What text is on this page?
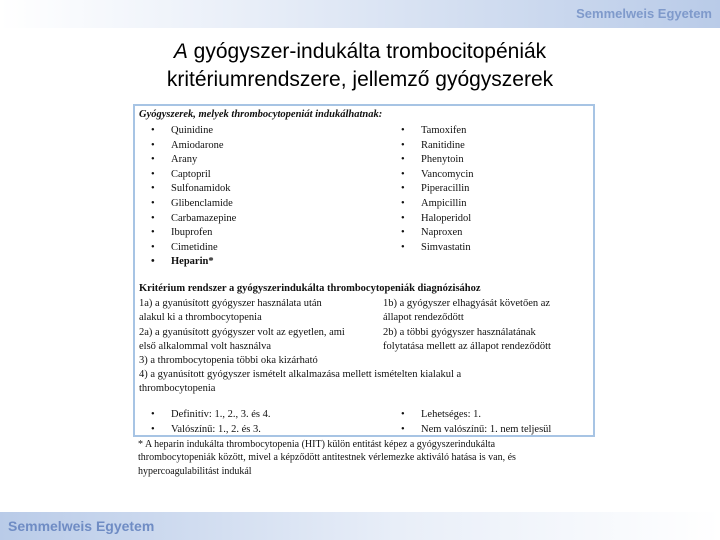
Semmelweis Egyetem
A gyógyszer-indukálta trombocitopéniák
kritériumrendszere, jellemző gyógyszerek
Gyógyszerek, melyek thrombocytopeniát indukálhatnak:
• Quinidine
• Amiodarone
• Arany
• Captopril
• Sulfonamidok
• Glibenclamide
• Carbamazepine
• Ibuprofen
• Cimetidine
• Heparin*
• Tamoxifen
• Ranitidine
• Phenytoin
• Vancomycin
• Piperacillin
• Ampicillin
• Haloperidol
• Naproxen
• Simvastatin
Kritérium rendszer a gyógyszerindukálta thrombocytopeniák diagnózisához
1a) a gyanúsított gyógyszer használata után
alakul ki a thrombocytopenia
1b) a gyógyszer elhagyását követően az
állapot rendeződött
2a) a gyanúsított gyógyszer volt az egyetlen, ami
első alkalommal volt használva
2b) a többi gyógyszer használatának
folytatása mellett az állapot rendeződött
3) a thrombocytopenia többi oka kizárható
4) a gyanúsított gyógyszer ismételt alkalmazása mellett ismételten kialakul a
thrombocytopenia
• Definitív: 1., 2., 3. és 4.
• Valószínű: 1., 2. és 3.
• Lehetséges: 1.
• Nem valószínű: 1. nem teljesül
* A heparin indukálta thrombocytopenia (HIT) külön entitást képez a gyógyszerindukálta
thrombocytopeniák között, mivel a képződött antitestnek vérlemezke aktiváló hatása is van, és
hypercoagulabilitást indukál
Semmelweis Egyetem
